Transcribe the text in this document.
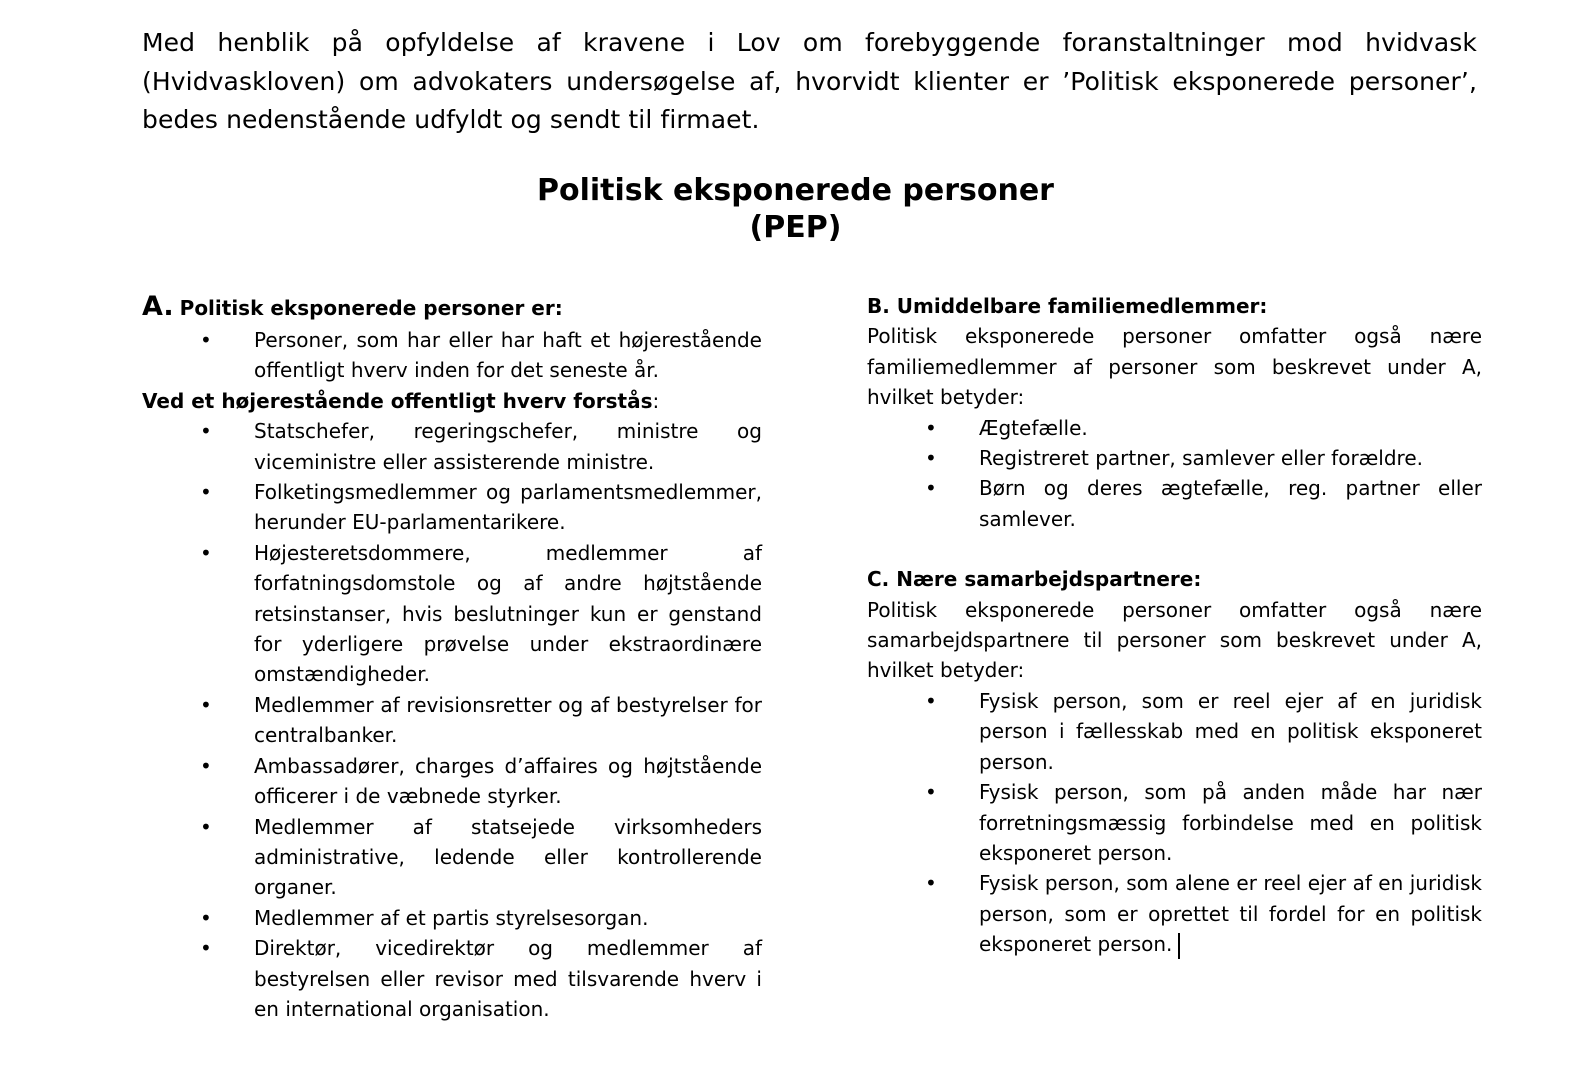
Med henblik på opfyldelse af kravene i Lov om forebyggende foranstaltninger mod hvidvask (Hvidvaskloven) om advokaters undersøgelse af, hvorvidt klienter er ’Politisk eksponerede personer’, bedes nedenstående udfyldt og sendt til firmaet.

Politisk eksponerede personer
(PEP)

A. Politisk eksponerede personer er:

• Personer, som har eller har haft et højerestående offentligt hverv inden for det seneste år.

Ved et højerestående offentligt hverv forstås:

• Statschefer, regeringschefer, ministre og viceministre eller assisterende ministre.
• Folketingsmedlemmer og parlamentsmedlemmer, herunder EU-parlamentarikere.
• Højesteretsdommere, medlemmer af forfatningsdomstole og af andre højtstående retsinstanser, hvis beslutninger kun er genstand for yderligere prøvelse under ekstraordinære omstændigheder.
• Medlemmer af revisionsretter og af bestyrelser for centralbanker.
• Ambassadører, charges d’affaires og højtstående officerer i de væbnede styrker.
• Medlemmer af statsejede virksomheders administrative, ledende eller kontrollerende organer.
• Medlemmer af et partis styrelsesorgan.
• Direktør, vicedirektør og medlemmer af bestyrelsen eller revisor med tilsvarende hverv i en international organisation.

B. Umiddelbare familiemedlemmer:

Politisk eksponerede personer omfatter også nære familiemedlemmer af personer som beskrevet under A, hvilket betyder:

• Ægtefælle.
• Registreret partner, samlever eller forældre.
• Børn og deres ægtefælle, reg. partner eller samlever.

C. Nære samarbejdspartnere:

Politisk eksponerede personer omfatter også nære samarbejdspartnere til personer som beskrevet under A, hvilket betyder:

• Fysisk person, som er reel ejer af en juridisk person i fællesskab med en politisk eksponeret person.
• Fysisk person, som på anden måde har nær forretningsmæssig forbindelse med en politisk eksponeret person.
• Fysisk person, som alene er reel ejer af en juridisk person, som er oprettet til fordel for en politisk eksponeret person.
